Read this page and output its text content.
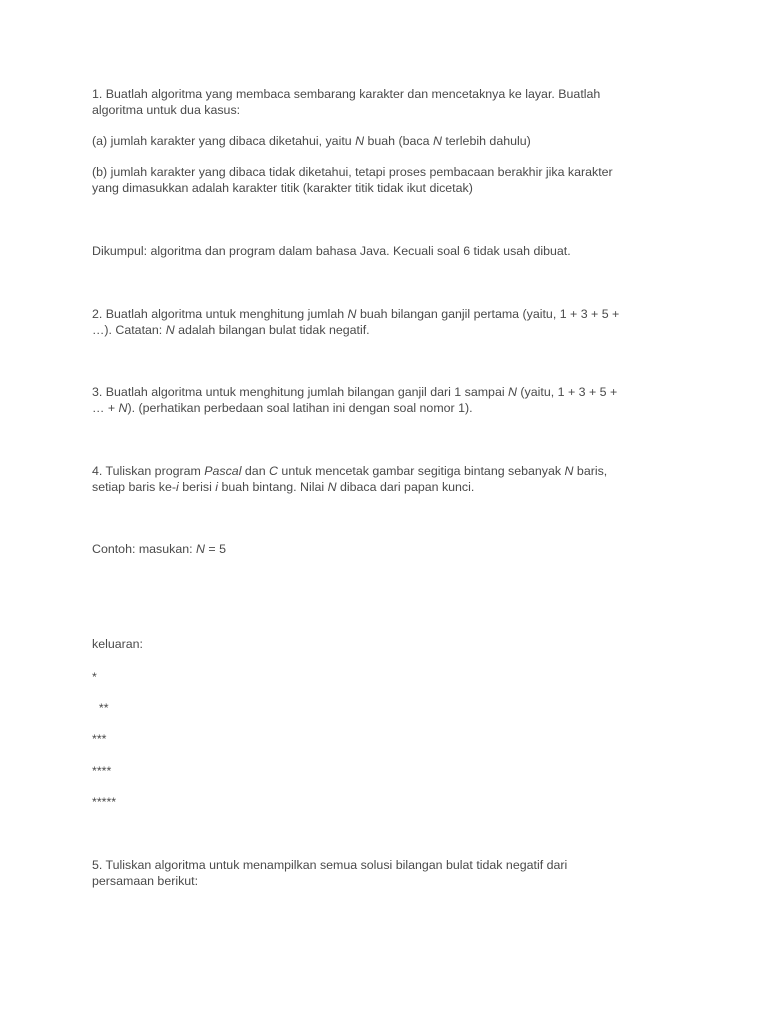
1. Buatlah algoritma yang membaca sembarang karakter dan mencetaknya ke layar. Buatlah
algoritma untuk dua kasus:

(a) jumlah karakter yang dibaca diketahui, yaitu N buah (baca N terlebih dahulu)

(b) jumlah karakter yang dibaca tidak diketahui, tetapi proses pembacaan berakhir jika karakter
yang dimasukkan adalah karakter titik (karakter titik tidak ikut dicetak)

Dikumpul: algoritma dan program dalam bahasa Java. Kecuali soal 6 tidak usah dibuat.

2. Buatlah algoritma untuk menghitung jumlah N buah bilangan ganjil pertama (yaitu, 1 + 3 + 5 +
…). Catatan: N adalah bilangan bulat tidak negatif.

3. Buatlah algoritma untuk menghitung jumlah bilangan ganjil dari 1 sampai N (yaitu, 1 + 3 + 5 +
… + N). (perhatikan perbedaan soal latihan ini dengan soal nomor 1).

4. Tuliskan program Pascal dan C untuk mencetak gambar segitiga bintang sebanyak N baris,
setiap baris ke-i berisi i buah bintang. Nilai N dibaca dari papan kunci.

Contoh: masukan: N = 5

keluaran:

*

**

***

****

*****

5. Tuliskan algoritma untuk menampilkan semua solusi bilangan bulat tidak negatif dari
persamaan berikut:
